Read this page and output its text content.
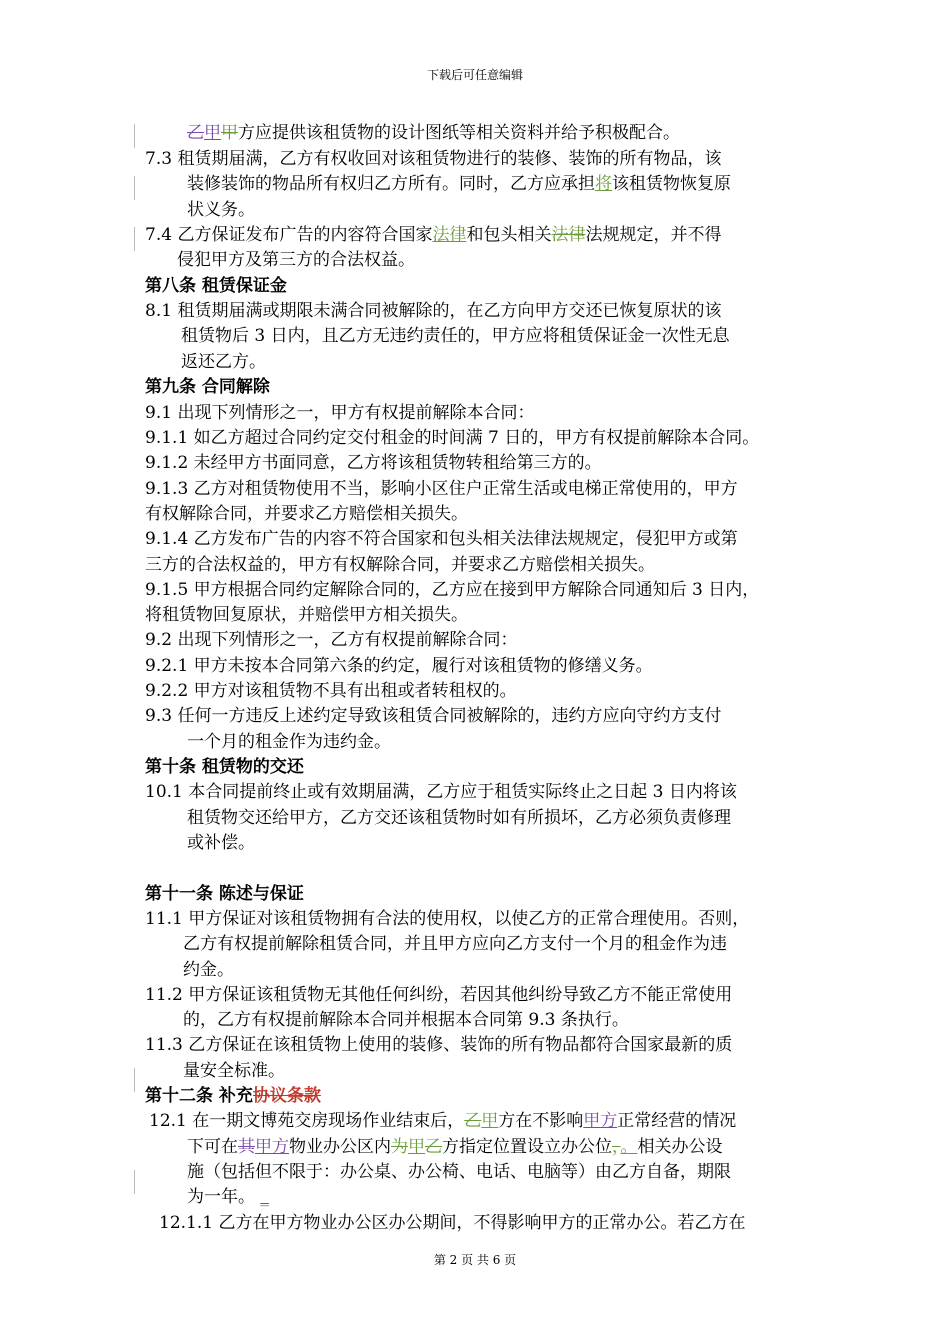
下载后可任意编辑
乙甲甲方应提供该租赁物的设计图纸等相关资料并给予积极配合。
7.3 租赁期届满，乙方有权收回对该租赁物进行的装修、装饰的所有物品，该
装修装饰的物品所有权归乙方所有。同时，乙方应承担将该租赁物恢复原
状义务。
7.4 乙方保证发布广告的内容符合国家法律和包头相关法律法规规定，并不得
侵犯甲方及第三方的合法权益。
第八条 租赁保证金
8.1 租赁期届满或期限未满合同被解除的，在乙方向甲方交还已恢复原状的该
租赁物后 3 日内，且乙方无违约责任的，甲方应将租赁保证金一次性无息
返还乙方。
第九条 合同解除
9.1 出现下列情形之一，甲方有权提前解除本合同：
9.1.1 如乙方超过合同约定交付租金的时间满 7 日的，甲方有权提前解除本合同。
9.1.2 未经甲方书面同意，乙方将该租赁物转租给第三方的。
9.1.3 乙方对租赁物使用不当，影响小区住户正常生活或电梯正常使用的，甲方
有权解除合同，并要求乙方赔偿相关损失。
9.1.4 乙方发布广告的内容不符合国家和包头相关法律法规规定，侵犯甲方或第
三方的合法权益的，甲方有权解除合同，并要求乙方赔偿相关损失。
9.1.5 甲方根据合同约定解除合同的，乙方应在接到甲方解除合同通知后 3 日内，
将租赁物回复原状，并赔偿甲方相关损失。
9.2 出现下列情形之一，乙方有权提前解除合同：
9.2.1 甲方未按本合同第六条的约定，履行对该租赁物的修缮义务。
9.2.2 甲方对该租赁物不具有出租或者转租权的。
9.3 任何一方违反上述约定导致该租赁合同被解除的，违约方应向守约方支付
一个月的租金作为违约金。
第十条 租赁物的交还
10.1 本合同提前终止或有效期届满，乙方应于租赁实际终止之日起 3 日内将该
租赁物交还给甲方，乙方交还该租赁物时如有所损坏，乙方必须负责修理
或补偿。
第十一条 陈述与保证
11.1 甲方保证对该租赁物拥有合法的使用权，以使乙方的正常合理使用。否则，
乙方有权提前解除租赁合同，并且甲方应向乙方支付一个月的租金作为违
约金。
11.2 甲方保证该租赁物无其他任何纠纷，若因其他纠纷导致乙方不能正常使用
的，乙方有权提前解除本合同并根据本合同第 9.3 条执行。
11.3 乙方保证在该租赁物上使用的装修、装饰的所有物品都符合国家最新的质
量安全标准。
第十二条 补充协议条款
12.1 在一期文博苑交房现场作业结束后，乙甲方在不影响甲方正常经营的情况
下可在其甲方物业办公区内为甲乙方指定位置设立办公位，。相关办公设
施（包括但不限于：办公桌、办公椅、电话、电脑等）由乙方自备，期限
为一年。 _
12.1.1 乙方在甲方物业办公区办公期间，不得影响甲方的正常办公。若乙方在
第 2 页 共 6 页
